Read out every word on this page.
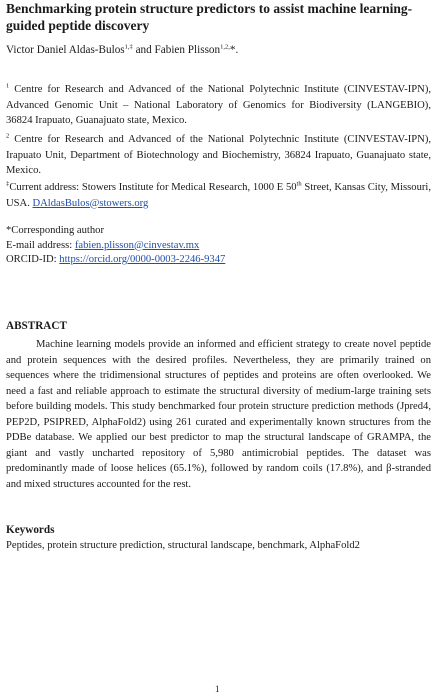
Benchmarking protein structure predictors to assist machine learning-guided peptide discovery
Victor Daniel Aldas-Bulos$^{1,\ddagger}$ and Fabien Plisson$^{1,2,}$*.
$^1$ Centre for Research and Advanced of the National Polytechnic Institute (CINVESTAV-IPN), Advanced Genomic Unit – National Laboratory of Genomics for Biodiversity (LANGEBIO), 36824 Irapuato, Guanajuato state, Mexico.
$^2$ Centre for Research and Advanced of the National Polytechnic Institute (CINVESTAV-IPN), Irapuato Unit, Department of Biotechnology and Biochemistry, 36824 Irapuato, Guanajuato state, Mexico.
‡Current address: Stowers Institute for Medical Research, 1000 E 50th Street, Kansas City, Missouri, USA. DAldasBulos@stowers.org
*Corresponding author
E-mail address: fabien.plisson@cinvestav.mx
ORCID-ID: https://orcid.org/0000-0003-2246-9347
ABSTRACT
Machine learning models provide an informed and efficient strategy to create novel peptide and protein sequences with the desired profiles. Nevertheless, they are primarily trained on sequences where the tridimensional structures of peptides and proteins are often overlooked. We need a fast and reliable approach to estimate the structural diversity of medium-large training sets before building models. This study benchmarked four protein structure prediction methods (Jpred4, PEP2D, PSIPRED, AlphaFold2) using 261 curated and experimentally known structures from the PDBe database. We applied our best predictor to map the structural landscape of GRAMPA, the giant and vastly uncharted repository of 5,980 antimicrobial peptides. The dataset was predominantly made of loose helices (65.1%), followed by random coils (17.8%), and β-stranded and mixed structures accounted for the rest.
Keywords
Peptides, protein structure prediction, structural landscape, benchmark, AlphaFold2
1
